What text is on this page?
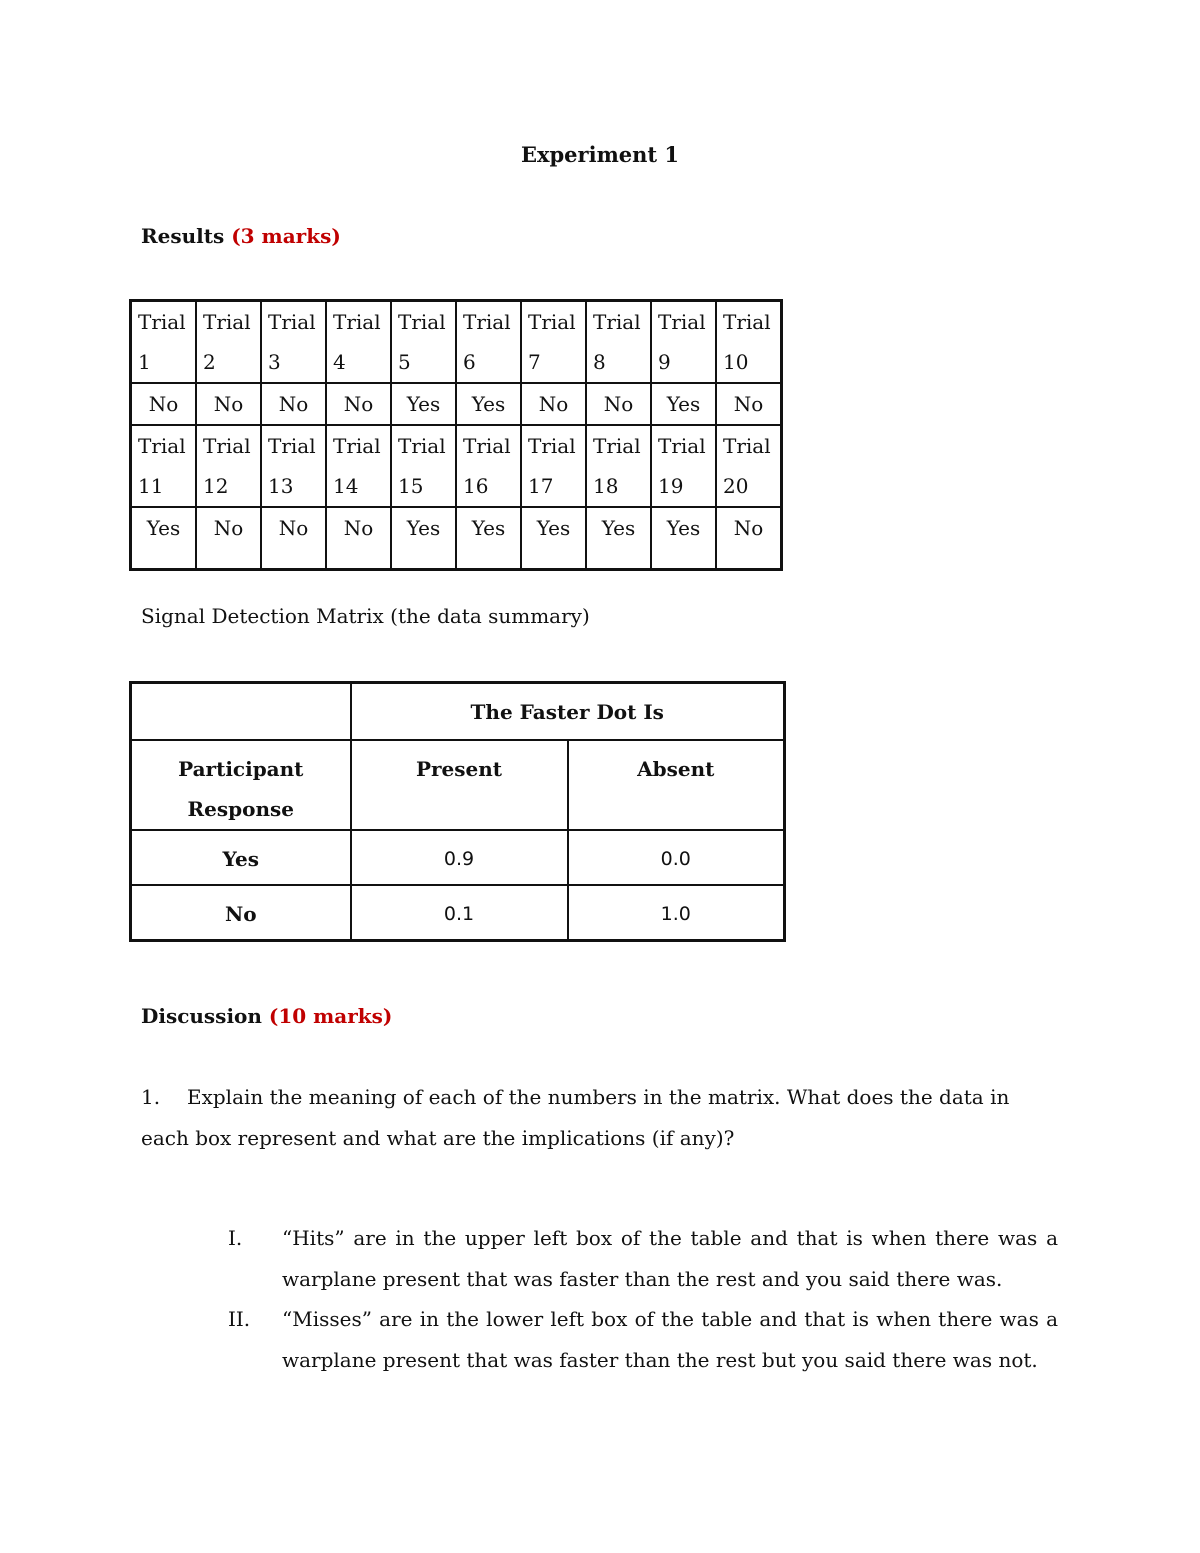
Experiment 1
Results (3 marks)
Trial 1	Trial 2	Trial 3	Trial 4	Trial 5	Trial 6	Trial 7	Trial 8	Trial 9	Trial 10
No	No	No	No	Yes	Yes	No	No	Yes	No
Trial 11	Trial 12	Trial 13	Trial 14	Trial 15	Trial 16	Trial 17	Trial 18	Trial 19	Trial 20
Yes	No	No	No	Yes	Yes	Yes	Yes	Yes	No
Signal Detection Matrix (the data summary)
	The Faster Dot Is	
Participant Response	Present	Absent
Yes	0.9	0.0
No	0.1	1.0
Discussion (10 marks)
1. Explain the meaning of each of the numbers in the matrix. What does the data in each box represent and what are the implications (if any)?
I.	“Hits” are in the upper left box of the table and that is when there was a warplane present that was faster than the rest and you said there was.
II.	“Misses” are in the lower left box of the table and that is when there was a warplane present that was faster than the rest but you said there was not.
